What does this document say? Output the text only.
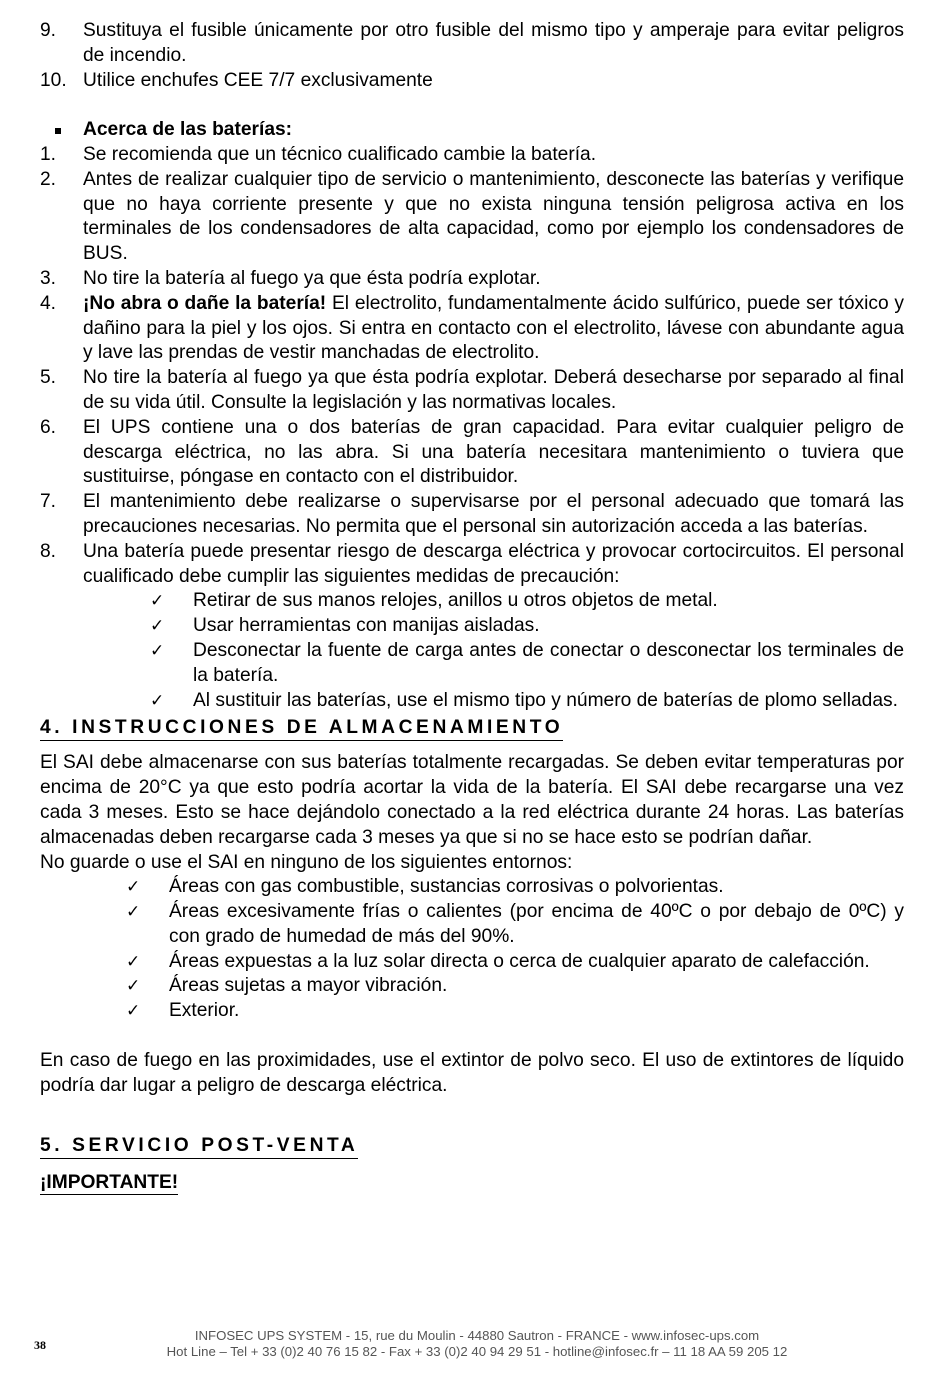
9. Sustituya el fusible únicamente por otro fusible del mismo tipo y amperaje para evitar peligros de incendio.
10. Utilice enchufes CEE 7/7 exclusivamente
Acerca de las baterías:
1. Se recomienda que un técnico cualificado cambie la batería.
2. Antes de realizar cualquier tipo de servicio o mantenimiento, desconecte las baterías y verifique que no haya corriente presente y que no exista ninguna tensión peligrosa activa en los terminales de los condensadores de alta capacidad, como por ejemplo los condensadores de BUS.
3. No tire la batería al fuego ya que ésta podría explotar.
4. ¡No abra o dañe la batería! El electrolito, fundamentalmente ácido sulfúrico, puede ser tóxico y dañino para la piel y los ojos. Si entra en contacto con el electrolito, lávese con abundante agua y lave las prendas de vestir manchadas de electrolito.
5. No tire la batería al fuego ya que ésta podría explotar. Deberá desecharse por separado al final de su vida útil. Consulte la legislación y las normativas locales.
6. El UPS contiene una o dos baterías de gran capacidad. Para evitar cualquier peligro de descarga eléctrica, no las abra. Si una batería necesitara mantenimiento o tuviera que sustituirse, póngase en contacto con el distribuidor.
7. El mantenimiento debe realizarse o supervisarse por el personal adecuado que tomará las precauciones necesarias. No permita que el personal sin autorización acceda a las baterías.
8. Una batería puede presentar riesgo de descarga eléctrica y provocar cortocircuitos. El personal cualificado debe cumplir las siguientes medidas de precaución:
✓ Retirar de sus manos relojes, anillos u otros objetos de metal.
✓ Usar herramientas con manijas aisladas.
✓ Desconectar la fuente de carga antes de conectar o desconectar los terminales de la batería.
✓ Al sustituir las baterías, use el mismo tipo y número de baterías de plomo selladas.
4. INSTRUCCIONES DE ALMACENAMIENTO

El SAI debe almacenarse con sus baterías totalmente recargadas. Se deben evitar temperaturas por encima de 20°C ya que esto podría acortar la vida de la batería. El SAI debe recargarse una vez cada 3 meses. Esto se hace dejándolo conectado a la red eléctrica durante 24 horas. Las baterías almacenadas deben recargarse cada 3 meses ya que si no se hace esto se podrían dañar.

No guarde o use el SAI en ninguno de los siguientes entornos:

✓ Áreas con gas combustible, sustancias corrosivas o polvorientas.
✓ Áreas excesivamente frías o calientes (por encima de 40ºC o por debajo de 0ºC) y con grado de humedad de más del 90%.
✓ Áreas expuestas a la luz solar directa o cerca de cualquier aparato de calefacción.
✓ Áreas sujetas a mayor vibración.
✓ Exterior.

En caso de fuego en las proximidades, use el extintor de polvo seco. El uso de extintores de líquido podría dar lugar a peligro de descarga eléctrica.

5. SERVICIO POST-VENTA
¡IMPORTANTE!
38
INFOSEC UPS SYSTEM - 15, rue du Moulin - 44880 Sautron - FRANCE - www.infosec-ups.com
Hot Line – Tel + 33 (0)2 40 76 15 82 - Fax + 33 (0)2 40 94 29 51 - hotline@infosec.fr – 11 18 AA 59 205 12
